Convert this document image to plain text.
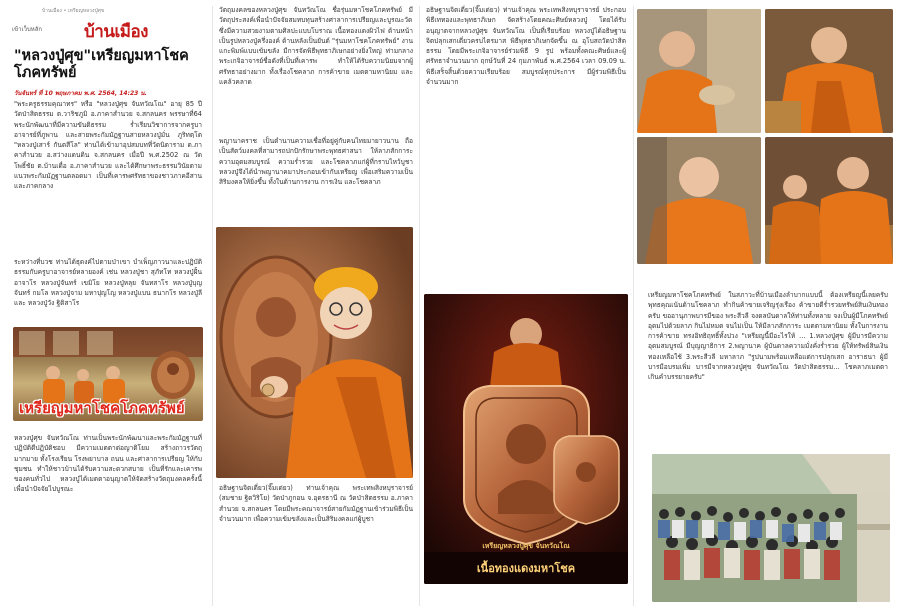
เข้าเว็บหลัก
บ้านเมือง • เหรียญหลวงปู่ศุข
บ้านเมือง
"หลวงปู่ศุข"เหรียญมหาโชคโภคทรัพย์
วันจันทร์ ที่ 10 พฤษภาคม พ.ศ. 2564, 14:23 น.

"พระครูธรรมคุณาทร" หรือ "หลวงปู่ศุข จันทวัณโณ" อายุ 85 ปี วัดป่าสิตธรรม ต.วาริชภูมิ อ.ภาคาสำนวย จ.สกลนคร พรรษาที่64 พระนักพัฒนาที่มีความขันติธรรม ร่ำเรียนวิชาการจากครูบาอาจารย์ที่ภูพาน และสายพระกัมมัฏฐานสายหลวงปู่มั่น ภูริทตฺโต "หลวงปู่เสาร์ กันตสีโล" ท่านได้เข้ามาอุปสมบทที่วัดนิตาราม ต.ภาคาสำนวย อ.สว่างแดนดิน จ.สกลนคร เมื่อปี พ.ศ.2502 ณ วัดโพธิ์ชัย ต.บ้านเดื่อ อ.ภาคาสำนวย และได้ศึกษาพระธรรมวินัยตามแนวพระกัมมัฏฐานตลอดมา เป็นที่เคารพศรัทธาของชาวภาคอีสานและภาคกลาง

ระหว่างที่บวช ท่านได้ธุดงค์ไปตามป่าเขา บำเพ็ญภาวนาและปฏิบัติธรรมกับครูบาอาจารย์หลายองค์ เช่น หลวงปู่ชา สุภัทโท หลวงปู่ฝั้น อาจาโร หลวงปู่จันทร์ เขมิโย หลวงปู่หลุย จันทสาโร หลวงปู่บุญจันทร์ กมโล หลวงปู่จาม มหาปุญโญ หลวงปู่แบน ธนากโร หลวงปู่ลี และ หลวงปู่วัง ฐิติสาโร

เหรียญมหาโชคโภคทรัพย์

หลวงปู่ศุข จันทวัณโณ ท่านเป็นพระนักพัฒนาและพระกัมมัฏฐานที่ปฏิบัติดีปฏิบัติชอบ มีความเมตตาต่อญาติโยม สร้างถาวรวัตถุมากมาย ทั้งโรงเรียน โรงพยาบาล ถนน และศาลาการเปรียญ ให้กับชุมชน ทำให้ชาวบ้านได้รับความสะดวกสบาย เป็นที่รักและเคารพของคนทั่วไป หลวงปู่ได้เมตตาอนุญาตให้จัดสร้างวัตถุมงคลครั้งนี้เพื่อนำปัจจัยไปบูรณะ

วัตถุมงคลของหลวงปู่ศุข จันทวัณโณ ชื่อรุ่นมหาโชคโภคทรัพย์ มีวัตถุประสงค์เพื่อนำปัจจัยสมทบทุนสร้างศาลาการเปรียญและบูรณะวัด ซึ่งมีความสวยงามตามศิลปะแบบโบราณ เนื้อทองแดงผิวไฟ ด้านหน้าเป็นรูปหลวงปู่ครึ่งองค์ ด้านหลังเป็นยันต์ "รุ่นมหาโชคโภคทรัพย์" งานแกะพิมพ์แบบเข้มขลัง มีการจัดพิธีพุทธาภิเษกอย่างยิ่งใหญ่ ท่ามกลางพระเกจิอาจารย์ชื่อดังที่เป็นที่เคารพ ทำให้ได้รับความนิยมจากผู้ศรัทธาอย่างมาก ทั้งเรื่องโชคลาภ การค้าขาย เมตตามหานิยม และแคล้วคลาด

พญานาคราช เป็นตำนานความเชื่อที่อยู่คู่กับคนไทยมายาวนาน ถือเป็นสัตว์มงคลที่สามารถปกปักรักษาพระพุทธศาสนา ให้ลาภสักการะ ความอุดมสมบูรณ์ ความร่ำรวย และโชคลาภแก่ผู้ที่กราบไหว้บูชา หลวงปู่จึงได้นำพญานาคมาประกอบเข้ากับเหรียญ เพื่อเสริมความเป็นสิริมงคลให้ยิ่งขึ้น ทั้งในด้านการงาน การเงิน และโชคลาภ

อธิษฐานจิตเดี่ยว(จิ๊มเด่ยว) ท่านเจ้าคุณ พระเทพสิงหบุราจารย์ (สมชาย ฐิตวิริโย) วัดป่าภูกอน จ.อุดรธานี ณ วัดป่าสิตธรรม อ.ภาคาสำนวย จ.สกลนคร โดยมีพระคณาจารย์สายกัมมัฏฐานเข้าร่วมพิธีเป็นจำนวนมาก เพื่อความเข้มขลังและเป็นสิริมงคลแก่ผู้บูชา

อธิษฐานจิตเดี่ยว(จิ๊มเด่ยว) ท่านเจ้าคุณ พระเทพสิงหบุราจารย์ ประกอบพิธีเททองและพุทธาภิเษก จัดสร้างโดยคณะศิษย์หลวงปู่ โดยได้รับอนุญาตจากหลวงปู่ศุข จันทวัณโณ เป็นที่เรียบร้อย หลวงปู่ได้อธิษฐานจิตปลุกเสกเดี่ยวครบไตรมาส พิธีพุทธาภิเษกจัดขึ้น ณ อุโบสถวัดป่าสิตธรรม โดยมีพระเกจิอาจารย์ร่วมพิธี 9 รูป พร้อมทั้งคณะศิษย์และผู้ศรัทธาจำนวนมาก ฤกษ์วันที่ 24 กุมภาพันธ์ พ.ศ.2564 เวลา 09.09 น. พิธีเสร็จสิ้นด้วยความเรียบร้อย สมบูรณ์ทุกประการ มีผู้ร่วมพิธีเป็นจำนวนมาก

เหรียญหลวงปู่ศุข จันทวัณโณ
เนื้อทองแดงมหาโชค

เหรียญมหาโชคโภคทรัพย์ ในสภาวะที่บ้านเมืองลำบากแบบนี้ ต้องเหรียญนี้เลยครับ พุทธคุณเน้นด้านโชคลาภ ทำกินค้าขายเจริญรุ่งเรือง ค้าขายดีร่ำรวยทรัพย์สินเงินทอง ครับ ขออานุภาพบารมีของ พระสีวลี จงดลบันดาลให้ท่านทั้งหลาย จงเป็นผู้มีโภคทรัพย์ อุดมไปด้วยลาภ กินไม่หมด จนไม่เป็น ให้มีลาภสักการะ เมตตามหานิยม ทั้งในการงาน การค้าขาย ทรงอิทธิฤทธิ์ทั้งปวง "เหรียญนี้มีอะไรให้ ... 1.หลวงปู่ศุข ผู้มีบารมีความอุดมสมบูรณ์ มีบุญญาธิการ 2.พญานาค ผู้บันดาลความมั่งคั่งร่ำรวย ผู้ให้ทรัพย์สินเงินทองเหลือใช้ 3.พระสีวลี มหาลาภ "รูปนามพร้อมเหลือแต่การปลุกเสก อาราธนา ผู้มีบารมีอบรมเพิ่ม บารมีจากหลวงปู่ศุข จันทวัณโณ วัดป่าสิตธรรม... โชคลาภเมตตา เกินคำบรรยายครับ"
